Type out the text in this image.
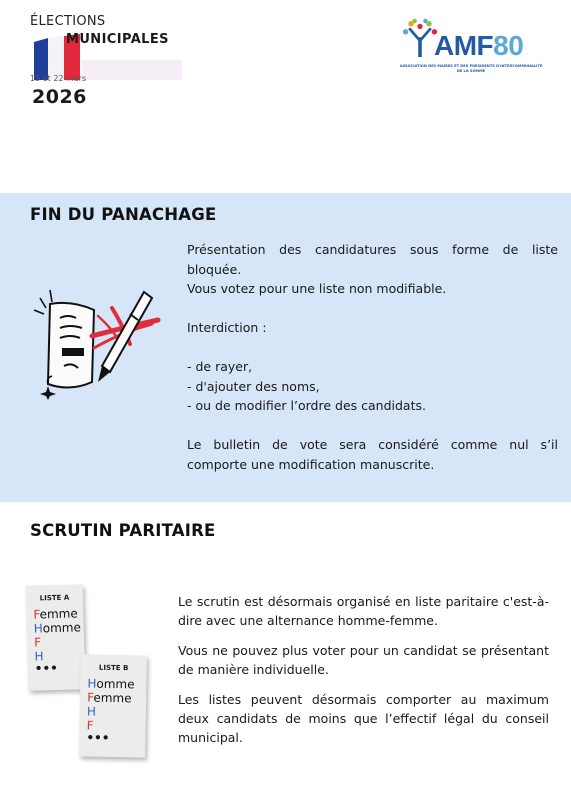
ÉLECTIONS
MUNICIPALES
15 et 22 mars
2026
AMF80
ASSOCIATION DES MAIRES ET DES PRÉSIDENTS D'INTERCOMMUNALITÉ DE LA SOMME
FIN DU PANACHAGE

Présentation des candidatures sous forme de liste bloquée.

Vous votez pour une liste non modifiable.

Interdiction :

- de rayer,

- d'ajouter des noms,

- ou de modifier l’ordre des candidats.

Le bulletin de vote sera considéré comme nul s’il comporte une modification manuscrite.

SCRUTIN PARITAIRE
LISTE A
Femme
Homme
F
H
•••	LISTE B
Homme
Femme
H
F
•••

Le scrutin est désormais organisé en liste paritaire c'est-à-dire avec une alternance homme-femme.

Vous ne pouvez plus voter pour un candidat se présentant de manière individuelle.

Les listes peuvent désormais comporter au maximum deux candidats de moins que l’effectif légal du conseil municipal.
